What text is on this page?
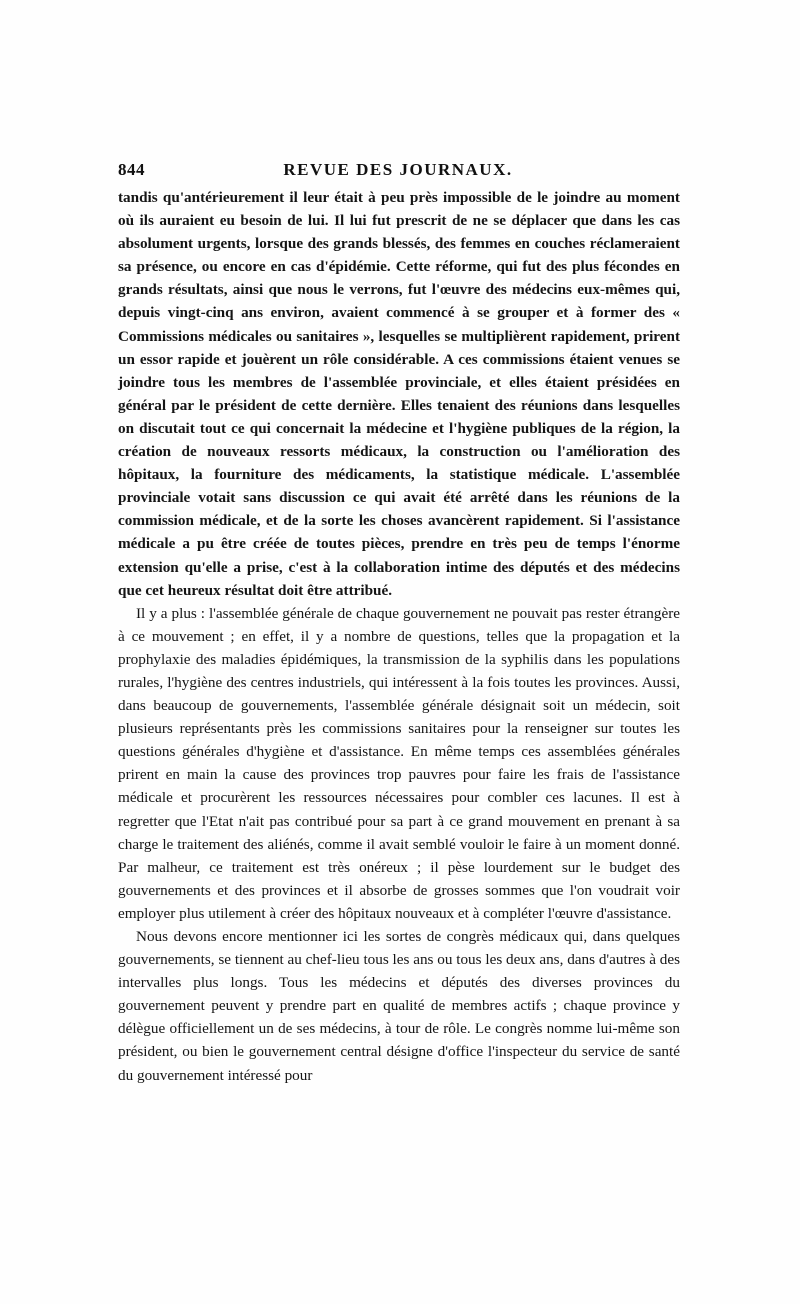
844	REVUE DES JOURNAUX.

tandis qu'antérieurement il leur était à peu près impossible de le joindre au moment où ils auraient eu besoin de lui. Il lui fut prescrit de ne se déplacer que dans les cas absolument urgents, lorsque des grands blessés, des femmes en couches réclameraient sa présence, ou encore en cas d'épidémie. Cette réforme, qui fut des plus fécondes en grands résultats, ainsi que nous le verrons, fut l'œuvre des médecins eux-mêmes qui, depuis vingt-cinq ans environ, avaient commencé à se grouper et à former des « Commissions médicales ou sanitaires », lesquelles se multiplièrent rapidement, prirent un essor rapide et jouèrent un rôle considérable. A ces commissions étaient venues se joindre tous les membres de l'assemblée provinciale, et elles étaient présidées en général par le président de cette dernière. Elles tenaient des réunions dans lesquelles on discutait tout ce qui concernait la médecine et l'hygiène publiques de la région, la création de nouveaux ressorts médicaux, la construction ou l'amélioration des hôpitaux, la fourniture des médicaments, la statistique médicale. L'assemblée provinciale votait sans discussion ce qui avait été arrêté dans les réunions de la commission médicale, et de la sorte les choses avancèrent rapidement. Si l'assistance médicale a pu être créée de toutes pièces, prendre en très peu de temps l'énorme extension qu'elle a prise, c'est à la collaboration intime des députés et des médecins que cet heureux résultat doit être attribué.

Il y a plus : l'assemblée générale de chaque gouvernement ne pouvait pas rester étrangère à ce mouvement ; en effet, il y a nombre de questions, telles que la propagation et la prophylaxie des maladies épidémiques, la transmission de la syphilis dans les populations rurales, l'hygiène des centres industriels, qui intéressent à la fois toutes les provinces. Aussi, dans beaucoup de gouvernements, l'assemblée générale désignait soit un médecin, soit plusieurs représentants près les commissions sanitaires pour la renseigner sur toutes les questions générales d'hygiène et d'assistance. En même temps ces assemblées générales prirent en main la cause des provinces trop pauvres pour faire les frais de l'assistance médicale et procurèrent les ressources nécessaires pour combler ces lacunes. Il est à regretter que l'Etat n'ait pas contribué pour sa part à ce grand mouvement en prenant à sa charge le traitement des aliénés, comme il avait semblé vouloir le faire à un moment donné. Par malheur, ce traitement est très onéreux ; il pèse lourdement sur le budget des gouvernements et des provinces et il absorbe de grosses sommes que l'on voudrait voir employer plus utilement à créer des hôpitaux nouveaux et à compléter l'œuvre d'assistance.

Nous devons encore mentionner ici les sortes de congrès médicaux qui, dans quelques gouvernements, se tiennent au chef-lieu tous les ans ou tous les deux ans, dans d'autres à des intervalles plus longs. Tous les médecins et députés des diverses provinces du gouvernement peuvent y prendre part en qualité de membres actifs ; chaque province y délègue officiellement un de ses médecins, à tour de rôle. Le congrès nomme lui-même son président, ou bien le gouvernement central désigne d'office l'inspecteur du service de santé du gouvernement intéressé pour
